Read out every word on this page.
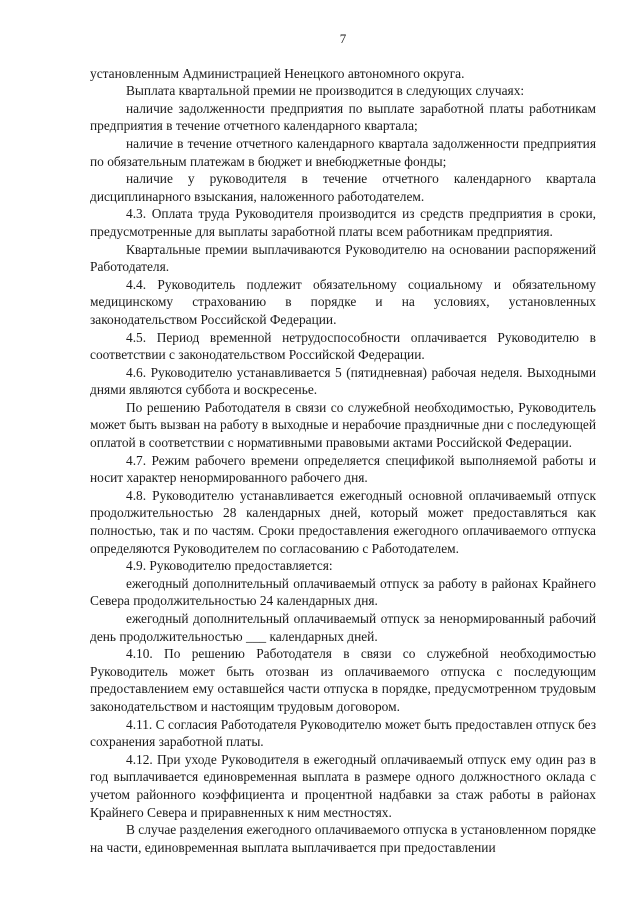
7

установленным Администрацией Ненецкого автономного округа.

Выплата квартальной премии не производится в следующих случаях:

наличие задолженности предприятия по выплате заработной платы работникам предприятия в течение отчетного календарного квартала;

наличие в течение отчетного календарного квартала задолженности предприятия по обязательным платежам в бюджет и внебюджетные фонды;

наличие у руководителя в течение отчетного календарного квартала дисциплинарного взыскания, наложенного работодателем.

4.3. Оплата труда Руководителя производится из средств предприятия в сроки, предусмотренные для выплаты заработной платы всем работникам предприятия.

Квартальные премии выплачиваются Руководителю на основании распоряжений Работодателя.

4.4. Руководитель подлежит обязательному социальному и обязательному медицинскому страхованию в порядке и на условиях, установленных законодательством Российской Федерации.

4.5. Период временной нетрудоспособности оплачивается Руководителю в соответствии с законодательством Российской Федерации.

4.6. Руководителю устанавливается 5 (пятидневная) рабочая неделя. Выходными днями являются суббота и воскресенье.

По решению Работодателя в связи со служебной необходимостью, Руководитель может быть вызван на работу в выходные и нерабочие праздничные дни с последующей оплатой в соответствии с нормативными правовыми актами Российской Федерации.

4.7. Режим рабочего времени определяется спецификой выполняемой работы и носит характер ненормированного рабочего дня.

4.8. Руководителю устанавливается ежегодный основной оплачиваемый отпуск продолжительностью 28 календарных дней, который может предоставляться как полностью, так и по частям. Сроки предоставления ежегодного оплачиваемого отпуска определяются Руководителем по согласованию с Работодателем.

4.9. Руководителю предоставляется:

ежегодный дополнительный оплачиваемый отпуск за работу в районах Крайнего Севера продолжительностью 24 календарных дня.

ежегодный дополнительный оплачиваемый отпуск за ненормированный рабочий день продолжительностью ___ календарных дней.

4.10. По решению Работодателя в связи со служебной необходимостью Руководитель может быть отозван из оплачиваемого отпуска с последующим предоставлением ему оставшейся части отпуска в порядке, предусмотренном трудовым законодательством и настоящим трудовым договором.

4.11. С согласия Работодателя Руководителю может быть предоставлен отпуск без сохранения заработной платы.

4.12. При уходе Руководителя в ежегодный оплачиваемый отпуск ему один раз в год выплачивается единовременная выплата в размере одного должностного оклада с учетом районного коэффициента и процентной надбавки за стаж работы в районах Крайнего Севера и приравненных к ним местностях.

В случае разделения ежегодного оплачиваемого отпуска в установленном порядке на части, единовременная выплата выплачивается при предоставлении
